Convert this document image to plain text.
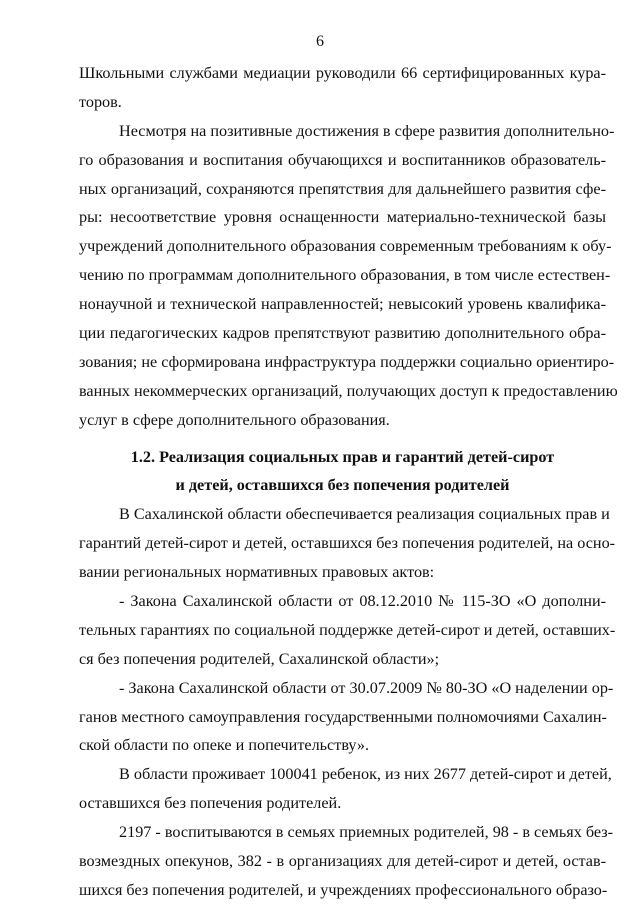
6
Школьными службами медиации руководили 66 сертифицированных кура-
торов.
Несмотря на позитивные достижения в сфере развития дополнительно-
го образования и воспитания обучающихся и воспитанников образователь-
ных организаций, сохраняются препятствия для дальнейшего развития сфе-
ры: несоответствие уровня оснащенности материально-технической базы
учреждений дополнительного образования современным требованиям к обу-
чению по программам дополнительного образования, в том числе естествен-
нонаучной и технической направленностей; невысокий уровень квалифика-
ции педагогических кадров препятствуют развитию дополнительного обра-
зования; не сформирована инфраструктура поддержки социально ориентиро-
ванных некоммерческих организаций, получающих доступ к предоставлению
услуг в сфере дополнительного образования.
1.2. Реализация социальных прав и гарантий детей-сирот
и детей, оставшихся без попечения родителей
В Сахалинской области обеспечивается реализация социальных прав и
гарантий детей-сирот и детей, оставшихся без попечения родителей, на осно-
вании региональных нормативных правовых актов:
- Закона Сахалинской области от 08.12.2010 № 115-ЗО «О дополни-
тельных гарантиях по социальной поддержке детей-сирот и детей, оставших-
ся без попечения родителей, Сахалинской области»;
- Закона Сахалинской области от 30.07.2009 № 80-ЗО «О наделении ор-
ганов местного самоуправления государственными полномочиями Сахалин-
ской области по опеке и попечительству».
В области проживает 100041 ребенок, из них 2677 детей-сирот и детей,
оставшихся без попечения родителей.
2197 - воспитываются в семьях приемных родителей, 98 - в семьях без-
возмездных опекунов, 382 - в организациях для детей-сирот и детей, остав-
шихся без попечения родителей, и учреждениях профессионального образо-
